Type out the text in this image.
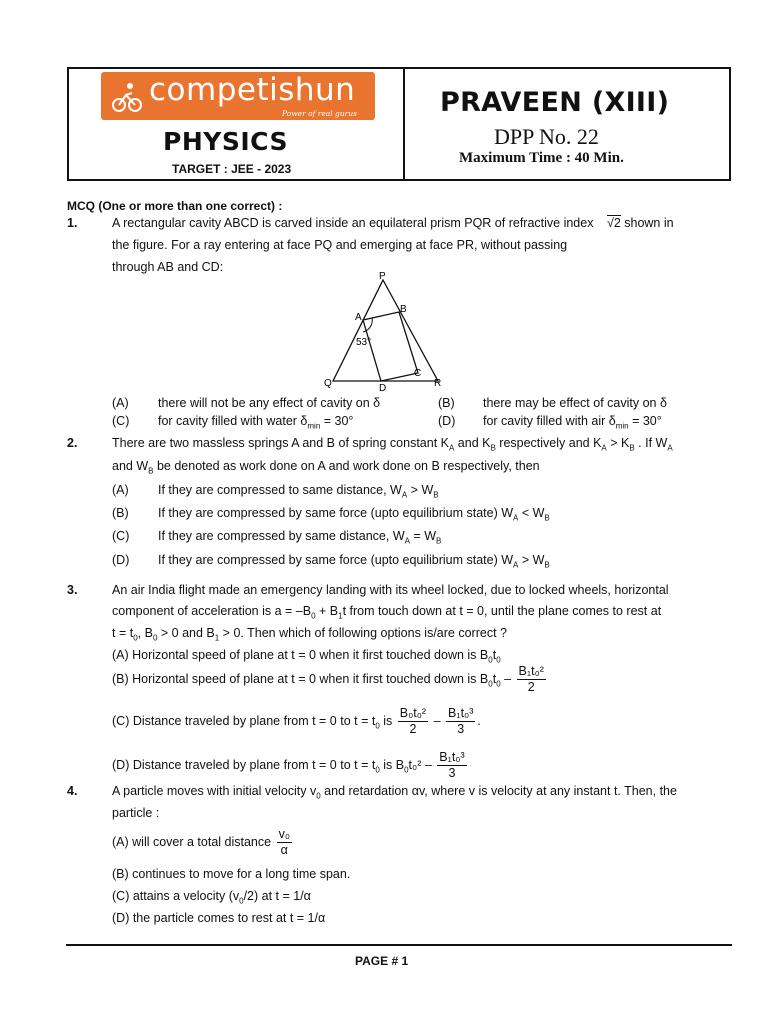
competishun
Power of real gurus
PHYSICS
TARGET : JEE - 2023
PRAVEEN (XIII)
DPP No. 22
Maximum Time : 40 Min.
MCQ (One or more than one correct) :
1.	A rectangular cavity ABCD is carved inside an equilateral prism PQR of refractive index √2 shown in
the figure. For a ray entering at face PQ and emerging at face PR, without passing
through AB and CD:
P
Q	R
A
B
C
D
53°
(A) there will not be any effect of cavity on δ	(B) there may be effect of cavity on δ
(C) for cavity filled with water $\delta_{min} = 30^\circ$	(D) for cavity filled with air $\delta_{min} = 30^\circ$
2.	There are two massless springs A and B of spring constant $K_A$ and $K_B$ respectively and $K_A > K_B$ . If $W_A$
and $W_B$ be denoted as work done on A and work done on B respectively, then
(A) If they are compressed to same distance, $W_A > W_B$
(B) If they are compressed by same force (upto equilibrium state) $W_A < W_B$
(C) If they are compressed by same distance, $W_A = W_B$
(D) If they are compressed by same force (upto equilibrium state) $W_A > W_B$
3.	An air India flight made an emergency landing with its wheel locked, due to locked wheels, horizontal
component of acceleration is $a = -B_0 + B_1t$ from touch down at t = 0, until the plane comes to rest at
$t = t_0$, $B_0 > 0$ and $B_1 > 0$. Then which of following options is/are correct ?
(A) Horizontal speed of plane at t = 0 when it first touched down is $B_0t_0$
(B) Horizontal speed of plane at t = 0 when it first touched down is $B_0t_0 - \frac{\text{B₁t₀²}}{2}$
(C) Distance traveled by plane from t = 0 to $t = t_0$ is $\frac{\text{B₀t₀²}}{2} - \frac{\text{B₁t₀³}}{3}$ .
(D) Distance traveled by plane from t = 0 to $t = t_0$ is $B_0t_0^2 - \frac{\text{B₁t₀³}}{3}$
4.	A particle moves with initial velocity $v_0$ and retardation αv, where v is velocity at any instant t. Then, the
particle :
(A) will cover a total distance $\frac{\text{v₀}}{\alpha}$
(B) continues to move for a long time span.
(C) attains a velocity $(v_0/2)$ at t = 1/α
(D) the particle comes to rest at t = 1/α
PAGE # 1
